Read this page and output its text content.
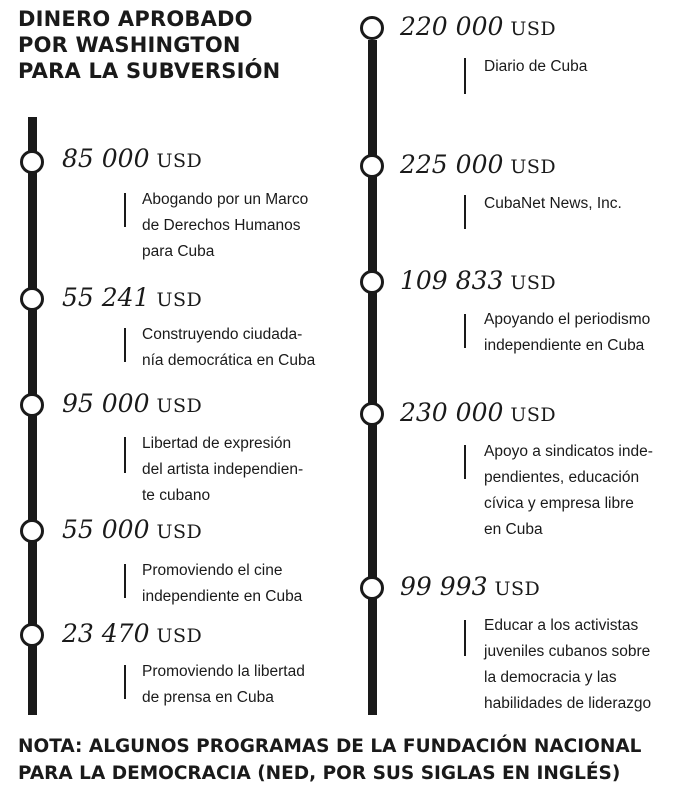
DINERO APROBADO
POR WASHINGTON
PARA LA SUBVERSIÓN
85 000 USD
Abogando por un Marco
de Derechos Humanos
para Cuba
55 241 USD
Construyendo ciudada-
nía democrática en Cuba
95 000 USD
Libertad de expresión
del artista independien-
te cubano
55 000 USD
Promoviendo el cine
independiente en Cuba
23 470 USD
Promoviendo la libertad
de prensa en Cuba
220 000 USD
Diario de Cuba
225 000 USD
CubaNet News, Inc.
109 833 USD
Apoyando el periodismo
independiente en Cuba
230 000 USD
Apoyo a sindicatos inde-
pendientes, educación
cívica y empresa libre
en Cuba
99 993 USD
Educar a los activistas
juveniles cubanos sobre
la democracia y las
habilidades de liderazgo
NOTA: ALGUNOS PROGRAMAS DE LA FUNDACIÓN NACIONAL
PARA LA DEMOCRACIA (NED, POR SUS SIGLAS EN INGLÉS)
